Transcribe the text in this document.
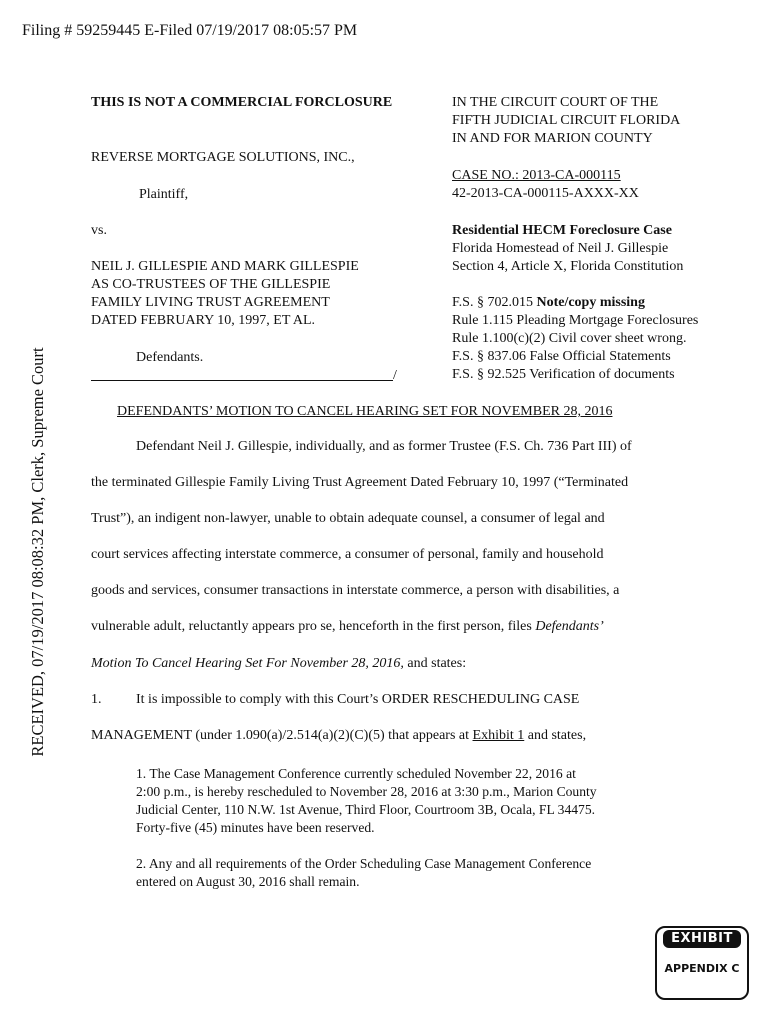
Filing # 59259445 E-Filed 07/19/2017 08:05:57 PM
RECEIVED, 07/19/2017 08:08:32 PM, Clerk, Supreme Court
THIS IS NOT A COMMERCIAL FORCLOSURE
REVERSE MORTGAGE SOLUTIONS, INC.,
Plaintiff,
vs.
NEIL J. GILLESPIE AND MARK GILLESPIE
AS CO-TRUSTEES OF THE GILLESPIE
FAMILY LIVING TRUST AGREEMENT
DATED FEBRUARY 10, 1997, ET AL.
Defendants.
/
IN THE CIRCUIT COURT OF THE
FIFTH JUDICIAL CIRCUIT FLORIDA
IN AND FOR MARION COUNTY
CASE NO.: 2013-CA-000115
42-2013-CA-000115-AXXX-XX
Residential HECM Foreclosure Case
Florida Homestead of Neil J. Gillespie
Section 4, Article X, Florida Constitution
F.S. § 702.015 Note/copy missing
Rule 1.115 Pleading Mortgage Foreclosures
Rule 1.100(c)(2) Civil cover sheet wrong.
F.S. § 837.06 False Official Statements
F.S. § 92.525 Verification of documents
DEFENDANTS’ MOTION TO CANCEL HEARING SET FOR NOVEMBER 28, 2016
Defendant Neil J. Gillespie, individually, and as former Trustee (F.S. Ch. 736 Part III) of
the terminated Gillespie Family Living Trust Agreement Dated February 10, 1997 (“Terminated
Trust”), an indigent non-lawyer, unable to obtain adequate counsel, a consumer of legal and
court services affecting interstate commerce, a consumer of personal, family and household
goods and services, consumer transactions in interstate commerce, a person with disabilities, a
vulnerable adult, reluctantly appears pro se, henceforth in the first person, files Defendants’
Motion To Cancel Hearing Set For November 28, 2016, and states:
1. It is impossible to comply with this Court’s ORDER RESCHEDULING CASE
MANAGEMENT (under 1.090(a)/2.514(a)(2)(C)(5) that appears at Exhibit 1 and states,
1. The Case Management Conference currently scheduled November 22, 2016 at
2:00 p.m., is hereby rescheduled to November 28, 2016 at 3:30 p.m., Marion County
Judicial Center, 110 N.W. 1st Avenue, Third Floor, Courtroom 3B, Ocala, FL 34475.
Forty-five (45) minutes have been reserved.
2. Any and all requirements of the Order Scheduling Case Management Conference
entered on August 30, 2016 shall remain.
EXHIBIT
APPENDIX C
